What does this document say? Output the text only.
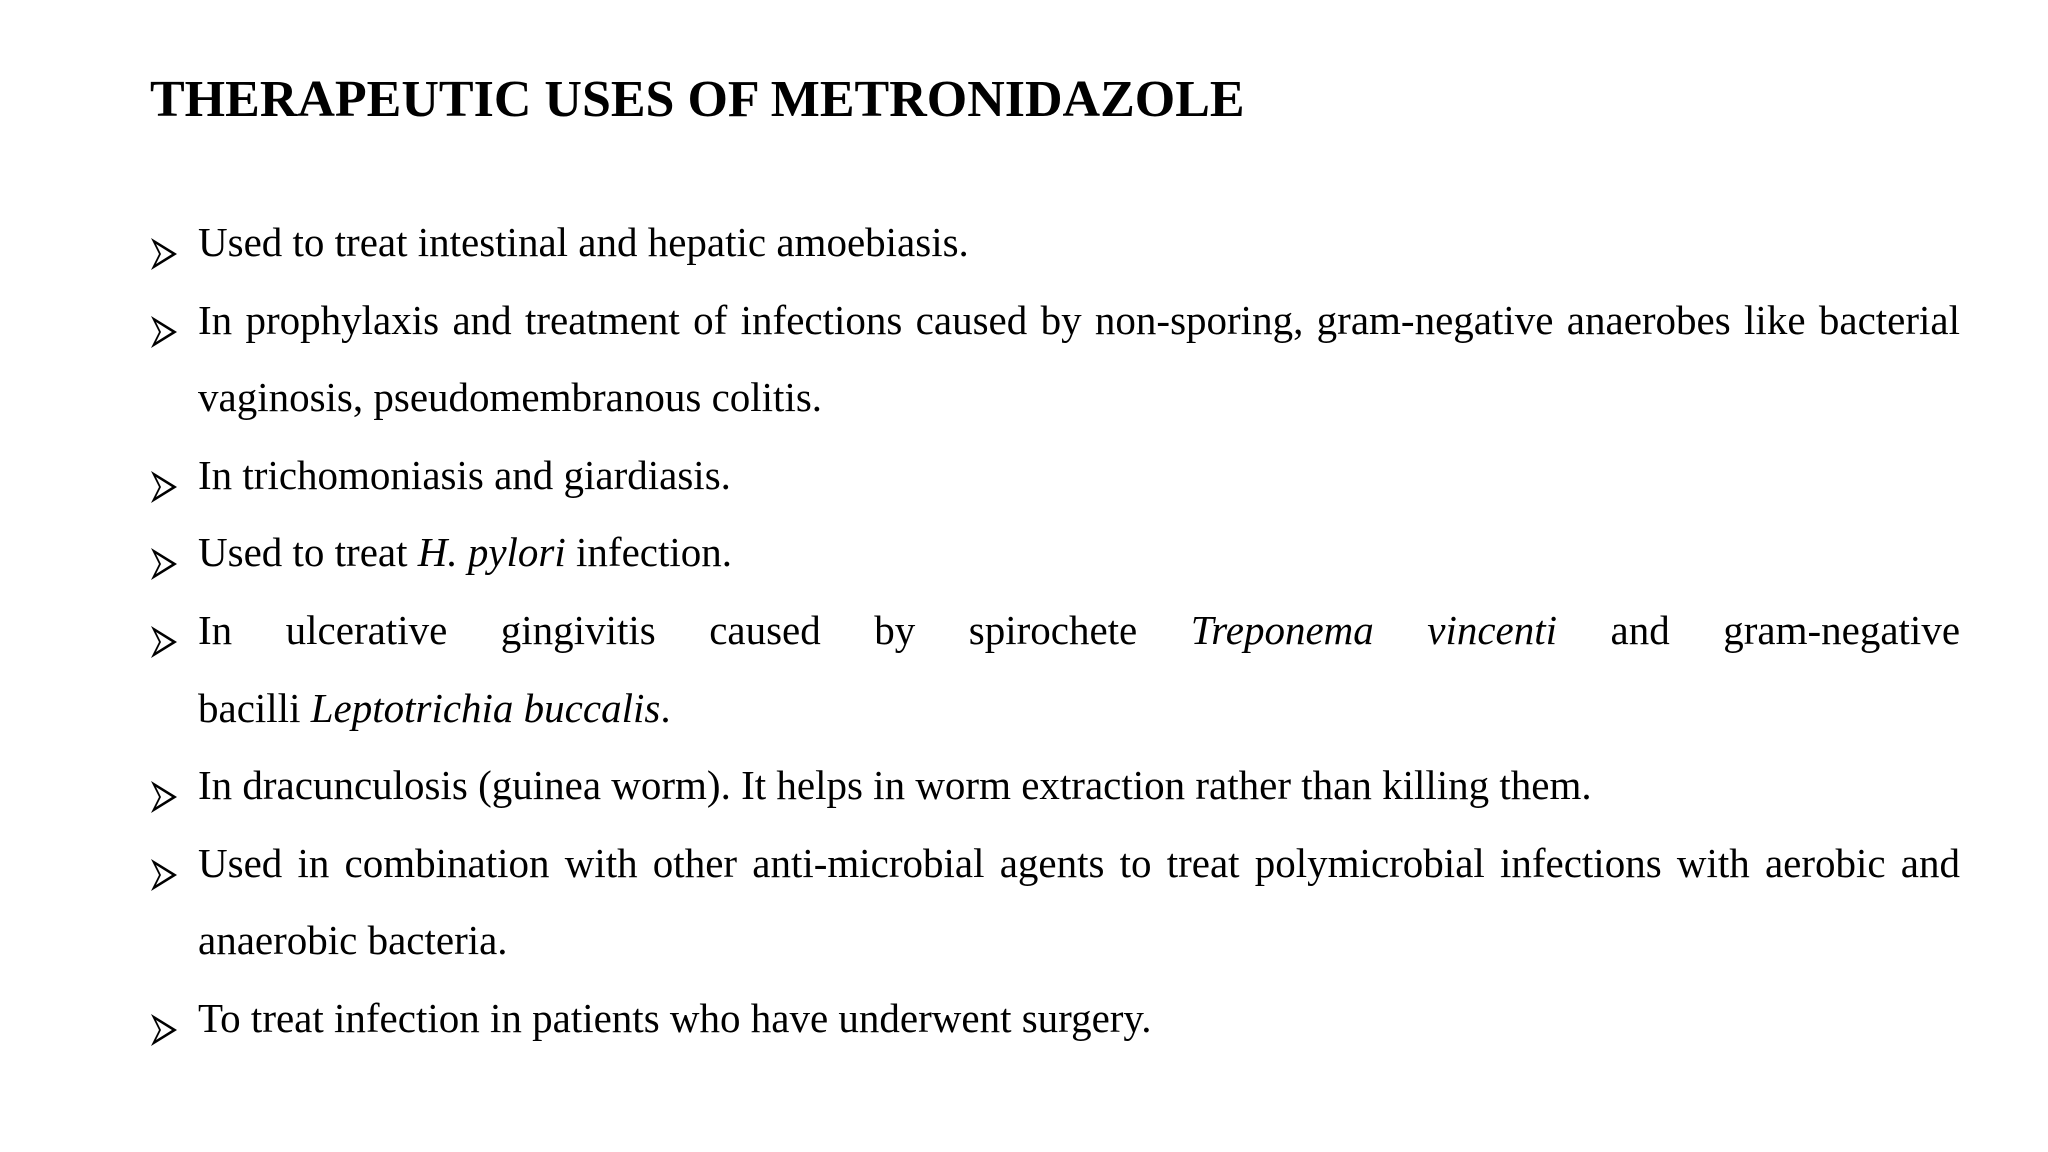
THERAPEUTIC USES OF METRONIDAZOLE
Used to treat intestinal and hepatic amoebiasis.
In prophylaxis and treatment of infections caused by non-sporing, gram-negative anaerobes like bacterial vaginosis, pseudomembranous colitis.
In trichomoniasis and giardiasis.
Used to treat H. pylori infection.
In ulcerative gingivitis caused by spirochete Treponema vincenti and gram-negative
bacilli Leptotrichia buccalis.
In dracunculosis (guinea worm). It helps in worm extraction rather than killing them.
Used in combination with other anti-microbial agents to treat polymicrobial infections with aerobic and anaerobic bacteria.
To treat infection in patients who have underwent surgery.
